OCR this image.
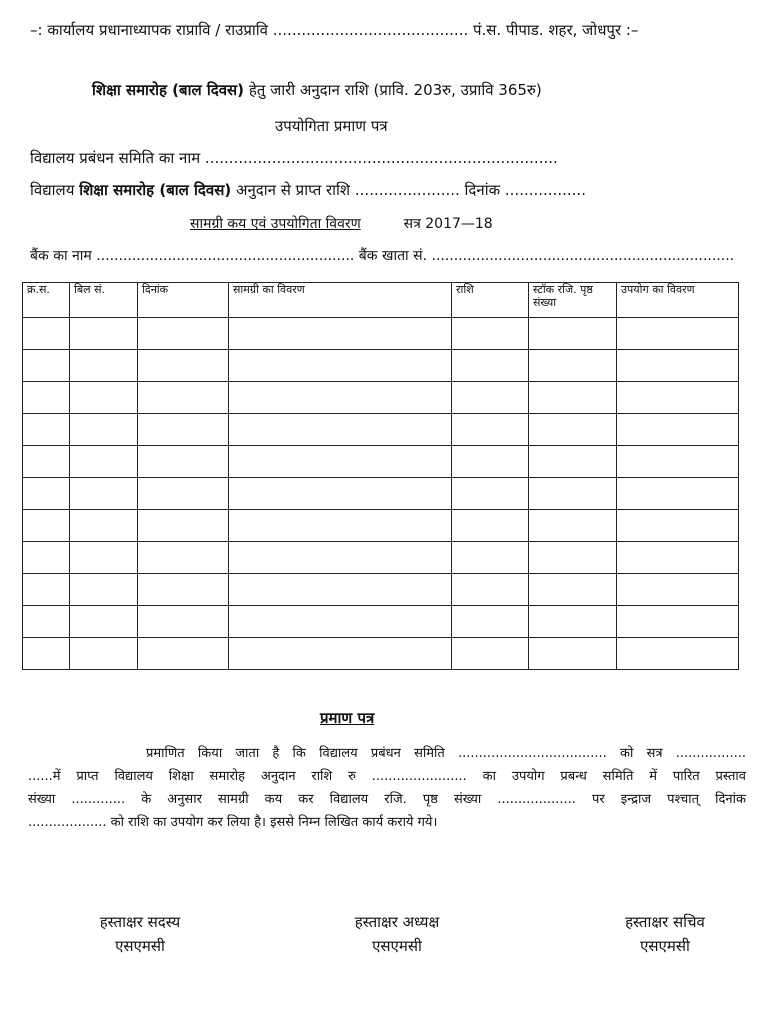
–: कार्यालय प्रधानाध्यापक राप्रावि / राउप्रावि ......................................... पं.स. पीपाड. शहर, जोधपुर :–
शिक्षा समारोह (बाल दिवस) हेतु जारी अनुदान राशि (प्रावि. 203रु, उप्रावि 365रु)
उपयोगिता प्रमाण पत्र
विद्यालय प्रबंधन समिति का नाम ..........................................................................
विद्यालय शिक्षा समारोह (बाल दिवस) अनुदान से प्राप्त राशि ...................... दिनांक .................
सामग्री कय एवं उपयोगिता विवरण	सत्र 2017—18
बैंक का नाम .......................................................... बैंक खाता सं. ....................................................................
क्र.स.	बिल सं.	दिनांक	सामग्री का विवरण	राशि	स्टॉक रजि. पृष्ठ संख्या	उपयोग का विवरण

प्रमाण पत्र
प्रमाणित किया जाता है कि विद्यालय प्रबंधन समिति .................................... को सत्र .................
......में प्राप्त विद्यालय शिक्षा समारोह अनुदान राशि रु ....................... का उपयोग प्रबन्ध समिति में पारित प्रस्ताव
संख्या ............. के अनुसार सामग्री कय कर विद्यालय रजि. पृष्ठ संख्या ................... पर इन्द्राज पश्चात् दिनांक
................... को राशि का उपयोग कर लिया है। इससे निम्न लिखित कार्य कराये गये।
हस्ताक्षर सदस्य
एसएमसी
हस्ताक्षर अध्यक्ष
एसएमसी
हस्ताक्षर सचिव
एसएमसी
